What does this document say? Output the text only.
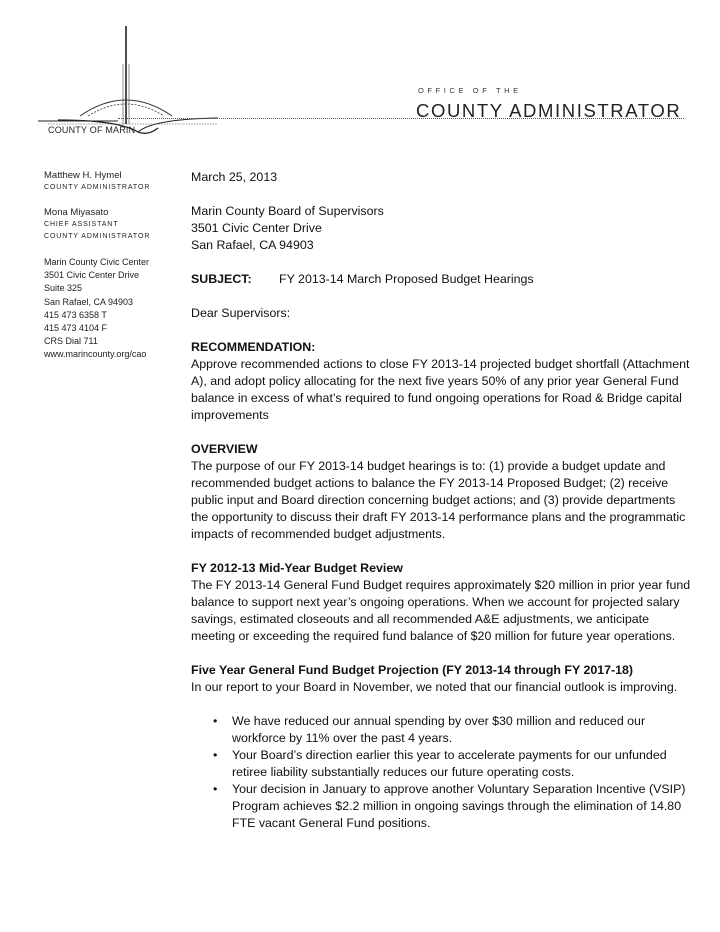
COUNTY OF MARIN
OFFICE OF THE
COUNTY ADMINISTRATOR
Matthew H. Hymel
COUNTY ADMINISTRATOR
Mona Miyasato
CHIEF ASSISTANT
COUNTY ADMINISTRATOR
Marin County Civic Center
3501 Civic Center Drive
Suite 325
San Rafael, CA 94903
415 473 6358 T
415 473 4104 F
CRS Dial 711
www.marincounty.org/cao

March 25, 2013

Marin County Board of Supervisors

3501 Civic Center Drive

San Rafael, CA 94903

SUBJECT:	FY 2013-14 March Proposed Budget Hearings

Dear Supervisors:

RECOMMENDATION:

Approve recommended actions to close FY 2013-14 projected budget shortfall (Attachment A), and adopt policy allocating for the next five years 50% of any prior year General Fund balance in excess of what’s required to fund ongoing operations for Road & Bridge capital improvements

OVERVIEW

The purpose of our FY 2013-14 budget hearings is to: (1) provide a budget update and recommended budget actions to balance the FY 2013-14 Proposed Budget; (2) receive public input and Board direction concerning budget actions; and (3) provide departments the opportunity to discuss their draft FY 2013-14 performance plans and the programmatic impacts of recommended budget adjustments.

FY 2012-13 Mid-Year Budget Review

The FY 2013-14 General Fund Budget requires approximately $20 million in prior year fund balance to support next year’s ongoing operations. When we account for projected salary savings, estimated closeouts and all recommended A&E adjustments, we anticipate meeting or exceeding the required fund balance of $20 million for future year operations.

Five Year General Fund Budget Projection (FY 2013-14 through FY 2017-18)

In our report to your Board in November, we noted that our financial outlook is improving.

• We have reduced our annual spending by over $30 million and reduced our workforce by 11% over the past 4 years.
• Your Board’s direction earlier this year to accelerate payments for our unfunded retiree liability substantially reduces our future operating costs.
• Your decision in January to approve another Voluntary Separation Incentive (VSIP) Program achieves $2.2 million in ongoing savings through the elimination of 14.80 FTE vacant General Fund positions.
